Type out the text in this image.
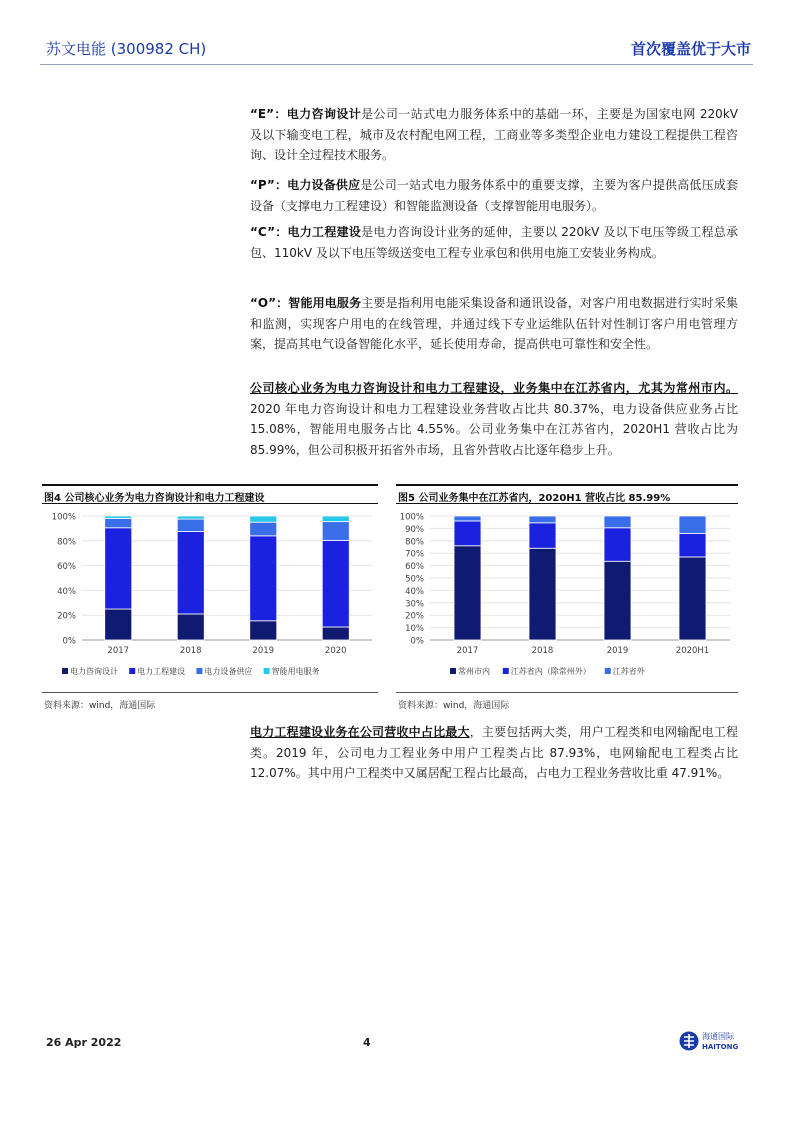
苏文电能 (300982 CH)	首次覆盖优于大市
“E”：电力咨询设计是公司一站式电力服务体系中的基础一环，主要是为国家电网 220kV 及以下输变电工程，城市及农村配电网工程，工商业等多类型企业电力建设工程提供工程咨询、设计全过程技术服务。
“P”：电力设备供应是公司一站式电力服务体系中的重要支撑，主要为客户提供高低压成套设备（支撑电力工程建设）和智能监测设备（支撑智能用电服务）。
“C”：电力工程建设是电力咨询设计业务的延伸，主要以 220kV 及以下电压等级工程总承包、110kV 及以下电压等级送变电工程专业承包和供用电施工安装业务构成。
“O”：智能用电服务主要是指利用电能采集设备和通讯设备，对客户用电数据进行实时采集和监测，实现客户用电的在线管理，并通过线下专业运维队伍针对性制订客户用电管理方案，提高其电气设备智能化水平，延长使用寿命，提高供电可靠性和安全性。
公司核心业务为电力咨询设计和电力工程建设，业务集中在江苏省内，尤其为常州市内。2020 年电力咨询设计和电力工程建设业务营收占比共 80.37%，电力设备供应业务占比 15.08%，智能用电服务占比 4.55%。公司业务集中在江苏省内，2020H1 营收占比为 85.99%，但公司积极开拓省外市场，且省外营收占比逐年稳步上升。
图4 公司核心业务为电力咨询设计和电力工程建设
0%
20%
40%
60%
80%
100%
2017	2018	2019	2020
电力咨询设计 电力工程建设 电力设备供应 智能用电服务
资料来源：wind，海通国际
图5 公司业务集中在江苏省内，2020H1 营收占比 85.99%
0%
10%
20%
30%
40%
50%
60%
70%
80%
90%
100%
2017	2018	2019	2020H1
常州市内	江苏省内（除常州外）	江苏省外
资料来源：wind，海通国际
电力工程建设业务在公司营收中占比最大，主要包括两大类，用户工程类和电网输配电工程类。2019 年，公司电力工程业务中用户工程类占比 87.93%，电网输配电工程类占比 12.07%。其中用户工程类中又属居配工程占比最高，占电力工程业务营收比重 47.91%。
26 Apr 2022	4	海通国际
HAITONG
